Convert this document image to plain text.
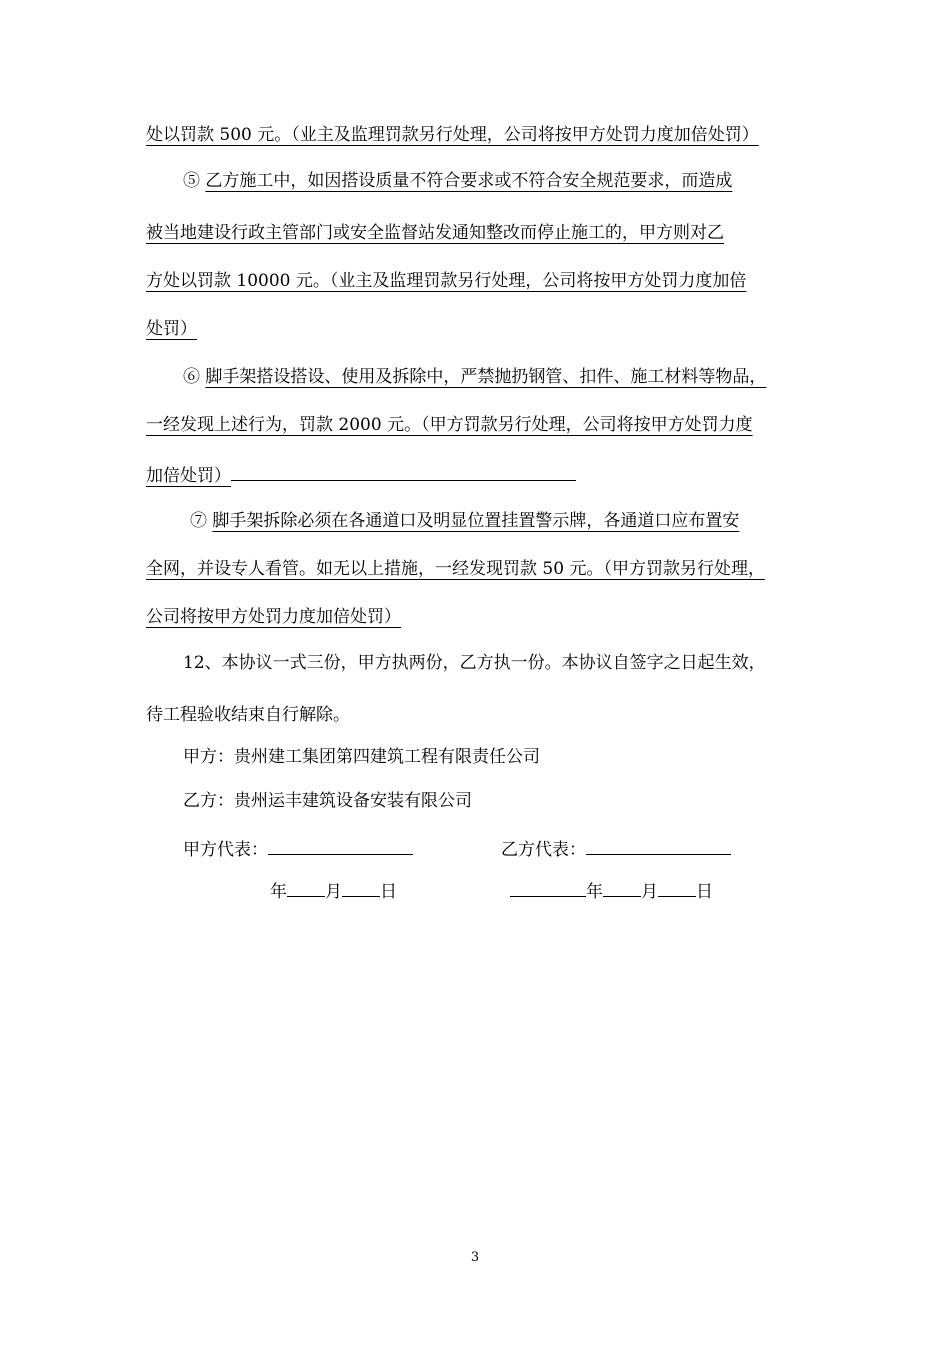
处以罚款 500 元。（业主及监理罚款另行处理，公司将按甲方处罚力度加倍处罚）
⑤ 乙方施工中，如因搭设质量不符合要求或不符合安全规范要求，而造成
被当地建设行政主管部门或安全监督站发通知整改而停止施工的，甲方则对乙
方处以罚款 10000 元。（业主及监理罚款另行处理，公司将按甲方处罚力度加倍
处罚）
⑥ 脚手架搭设搭设、使用及拆除中，严禁抛扔钢管、扣件、施工材料等物品，
一经发现上述行为，罚款 2000 元。（甲方罚款另行处理，公司将按甲方处罚力度
加倍处罚）
⑦ 脚手架拆除必须在各通道口及明显位置挂置警示牌，各通道口应布置安
全网，并设专人看管。如无以上措施，一经发现罚款 50 元。（甲方罚款另行处理，
公司将按甲方处罚力度加倍处罚）
12、本协议一式三份，甲方执两份，乙方执一份。本协议自签字之日起生效，
待工程验收结束自行解除。
甲方：贵州建工集团第四建筑工程有限责任公司
乙方：贵州运丰建筑设备安装有限公司
甲方代表：	乙方代表：
年 月 日	年 月 日
3
